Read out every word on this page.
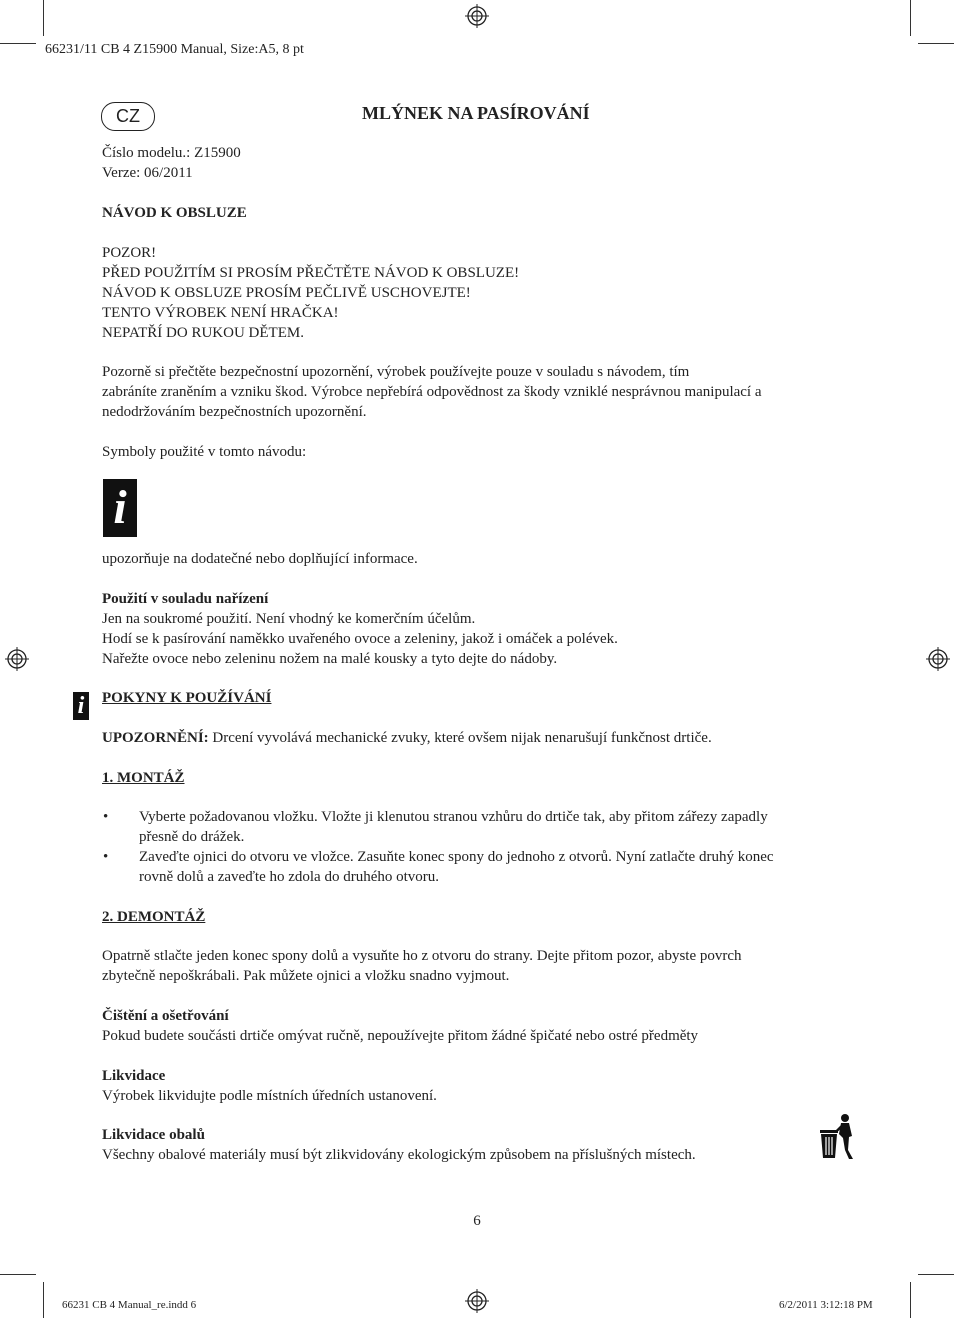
66231/11 CB 4 Z15900 Manual, Size:A5, 8 pt
CZ	MLÝNEK NA PASÍROVÁNÍ
Číslo modelu.: Z15900
Verze: 06/2011
NÁVOD K OBSLUZE
POZOR!
PŘED POUŽITÍM SI PROSÍM PŘEČTĚTE NÁVOD K OBSLUZE!
NÁVOD K OBSLUZE PROSÍM PEČLIVĚ USCHOVEJTE!
TENTO VÝROBEK NENÍ HRAČKA!
NEPATŘÍ DO RUKOU DĚTEM.
Pozorně si přečtěte bezpečnostní upozornění, výrobek používejte pouze v souladu s návodem, tím
zabráníte zraněním a vzniku škod. Výrobce nepřebírá odpovědnost za škody vzniklé nesprávnou manipulací a
nedodržováním bezpečnostních upozornění.
Symboly použité v tomto návodu:
i
upozorňuje na dodatečné nebo doplňující informace.
Použití v souladu nařízení
Jen na soukromé použití. Není vhodný ke komerčním účelům.
Hodí se k pasírování naměkko uvařeného ovoce a zeleniny, jakož i omáček a polévek.
Nařežte ovoce nebo zeleninu nožem na malé kousky a tyto dejte do nádoby.
i	POKYNY K POUŽÍVÁNÍ
UPOZORNĚNÍ: Drcení vyvolává mechanické zvuky, které ovšem nijak nenarušují funkčnost drtiče.
1. MONTÁŽ
• Vyberte požadovanou vložku. Vložte ji klenutou stranou vzhůru do drtiče tak, aby přitom zářezy zapadly
přesně do drážek.
• Zaveďte ojnici do otvoru ve vložce. Zasuňte konec spony do jednoho z otvorů. Nyní zatlačte druhý konec
rovně dolů a zaveďte ho zdola do druhého otvoru.
2. DEMONTÁŽ
Opatrně stlačte jeden konec spony dolů a vysuňte ho z otvoru do strany. Dejte přitom pozor, abyste povrch
zbytečně nepoškrábali. Pak můžete ojnici a vložku snadno vyjmout.
Čištění a ošetřování
Pokud budete součásti drtiče omývat ručně, nepoužívejte přitom žádné špičaté nebo ostré předměty
Likvidace
Výrobek likvidujte podle místních úředních ustanovení.
Likvidace obalů
Všechny obalové materiály musí být zlikvidovány ekologickým způsobem na příslušných místech.
6
66231 CB 4 Manual_re.indd 6	6/2/2011 3:12:18 PM
